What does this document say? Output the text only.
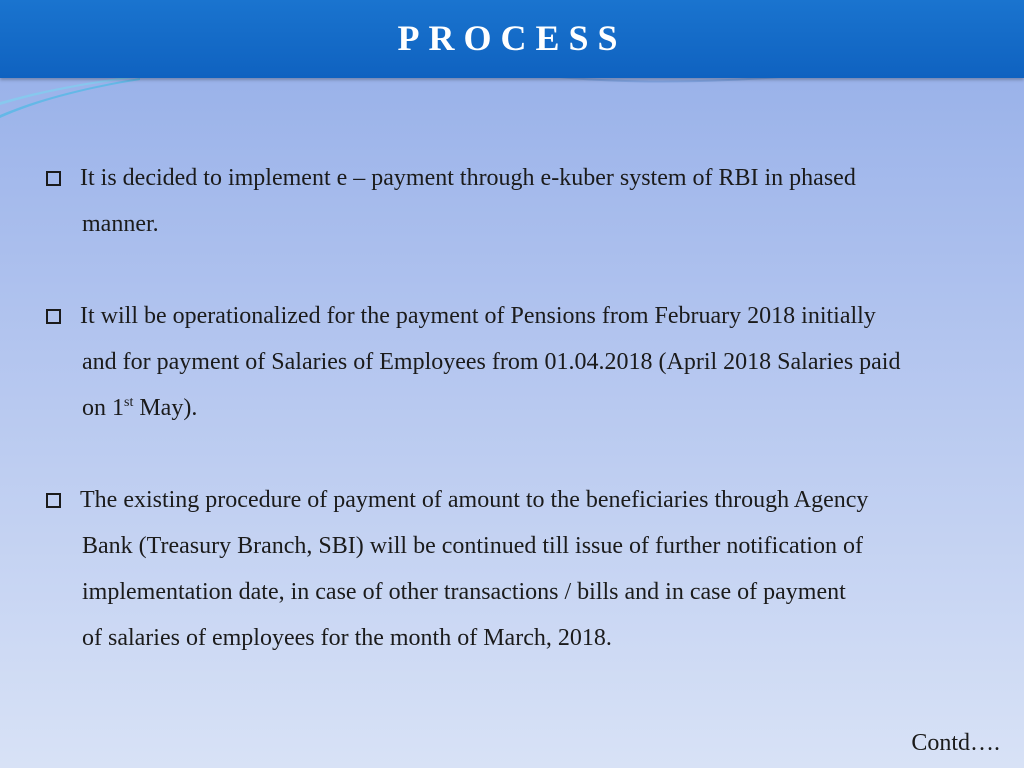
PROCESS
It is decided to implement e – payment through e-kuber system of RBI in phased
manner.
It will be operationalized for the payment of Pensions from February 2018 initially
and for payment of Salaries of Employees from 01.04.2018 (April 2018 Salaries paid
on 1st May).
The existing procedure of payment of amount to the beneficiaries through Agency
Bank (Treasury Branch, SBI) will be continued till issue of further notification of
implementation date, in case of other transactions / bills and in case of payment
of salaries of employees for the month of March, 2018.
Contd….
